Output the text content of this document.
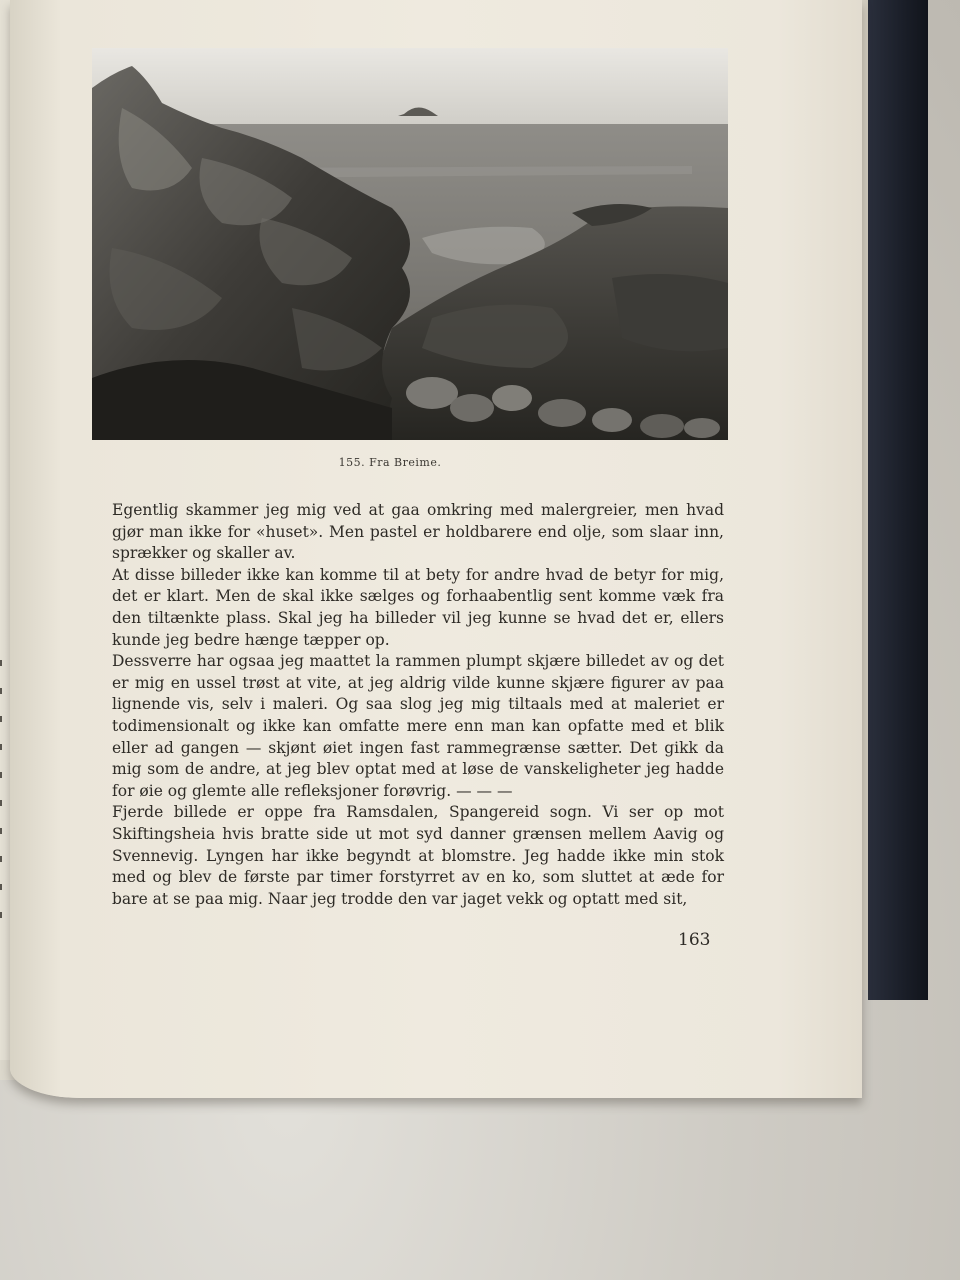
155. Fra Breime.

Egentlig skammer jeg mig ved at gaa omkring med malergreier, men hvad gjør man ikke for «huset». Men pastel er holdbarere end olje, som slaar inn, sprækker og skaller av.

At disse billeder ikke kan komme til at bety for andre hvad de betyr for mig, det er klart. Men de skal ikke sælges og forhaabentlig sent komme væk fra den tiltænkte plass. Skal jeg ha billeder vil jeg kunne se hvad det er, ellers kunde jeg bedre hænge tæpper op.

Dessverre har ogsaa jeg maattet la rammen plumpt skjære billedet av og det er mig en ussel trøst at vite, at jeg aldrig vilde kunne skjære figurer av paa lignende vis, selv i maleri. Og saa slog jeg mig tiltaals med at maleriet er todimensionalt og ikke kan omfatte mere enn man kan opfatte med et blik eller ad gangen — skjønt øiet ingen fast rammegrænse sætter. Det gikk da mig som de andre, at jeg blev optat med at løse de vanskeligheter jeg hadde for øie og glemte alle refleksjoner forøvrig. — — —

Fjerde billede er oppe fra Ramsdalen, Spangereid sogn. Vi ser op mot Skiftingsheia hvis bratte side ut mot syd danner grænsen mellem Aavig og Svennevig. Lyngen har ikke begyndt at blomstre. Jeg hadde ikke min stok med og blev de første par timer forstyrret av en ko, som sluttet at æde for bare at se paa mig. Naar jeg trodde den var jaget vekk og optatt med sit,

163
